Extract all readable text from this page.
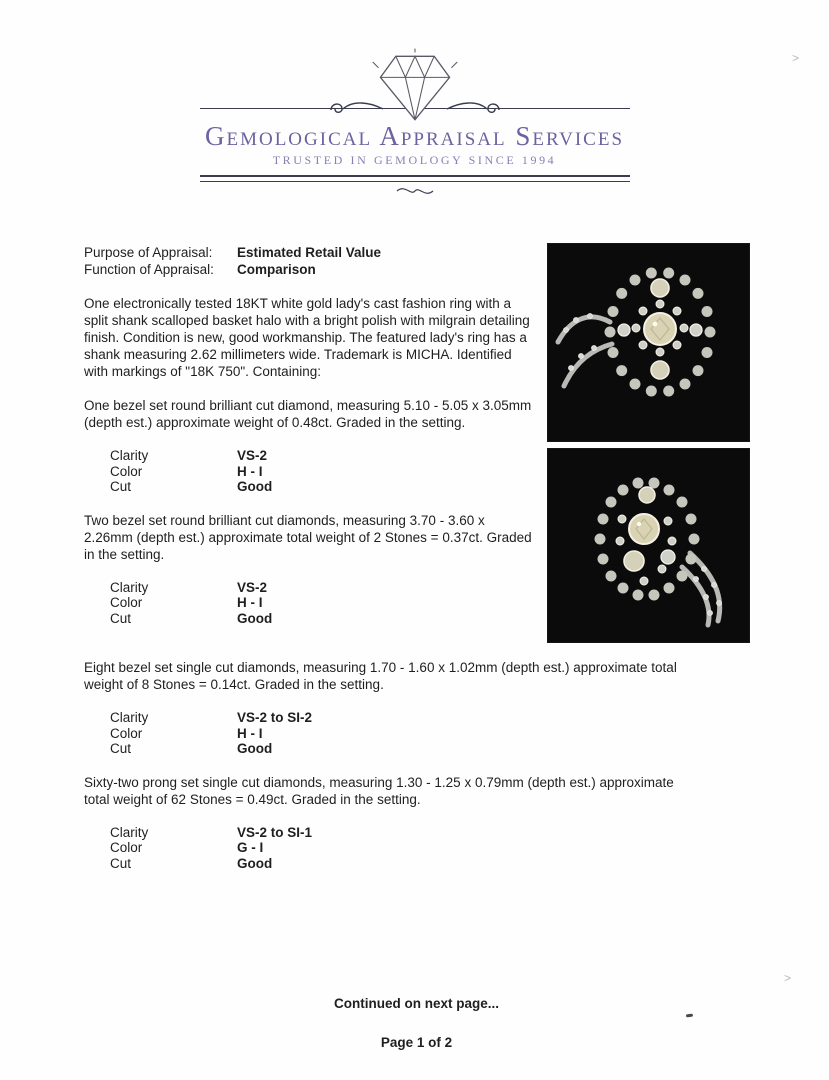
Gemological Appraisal Services
TRUSTED IN GEMOLOGY SINCE 1994
Purpose of Appraisal:	Estimated Retail Value
Function of Appraisal:	Comparison
One electronically tested 18KT white gold lady's cast fashion ring with a split shank scalloped basket halo with a bright polish with milgrain detailing finish. Condition is new, good workmanship. The featured lady's ring has a shank measuring 2.62 millimeters wide. Trademark is MICHA. Identified with markings of "18K 750". Containing:
One bezel set round brilliant cut diamond, measuring 5.10 - 5.05 x 3.05mm (depth est.) approximate weight of 0.48ct. Graded in the setting.
Clarity	VS-2
Color	H - I
Cut	Good
Two bezel set round brilliant cut diamonds, measuring 3.70 - 3.60 x 2.26mm (depth est.) approximate total weight of 2 Stones = 0.37ct. Graded in the setting.
Clarity	VS-2
Color	H - I
Cut	Good
Eight bezel set single cut diamonds, measuring 1.70 - 1.60 x 1.02mm (depth est.) approximate total weight of 8 Stones = 0.14ct. Graded in the setting.
Clarity	VS-2 to SI-2
Color	H - I
Cut	Good
Sixty-two prong set single cut diamonds, measuring 1.30 - 1.25 x 0.79mm (depth est.) approximate total weight of 62 Stones = 0.49ct. Graded in the setting.
Clarity	VS-2 to SI-1
Color	G - I
Cut	Good
Continued on next page...
Page 1 of 2
>
>
